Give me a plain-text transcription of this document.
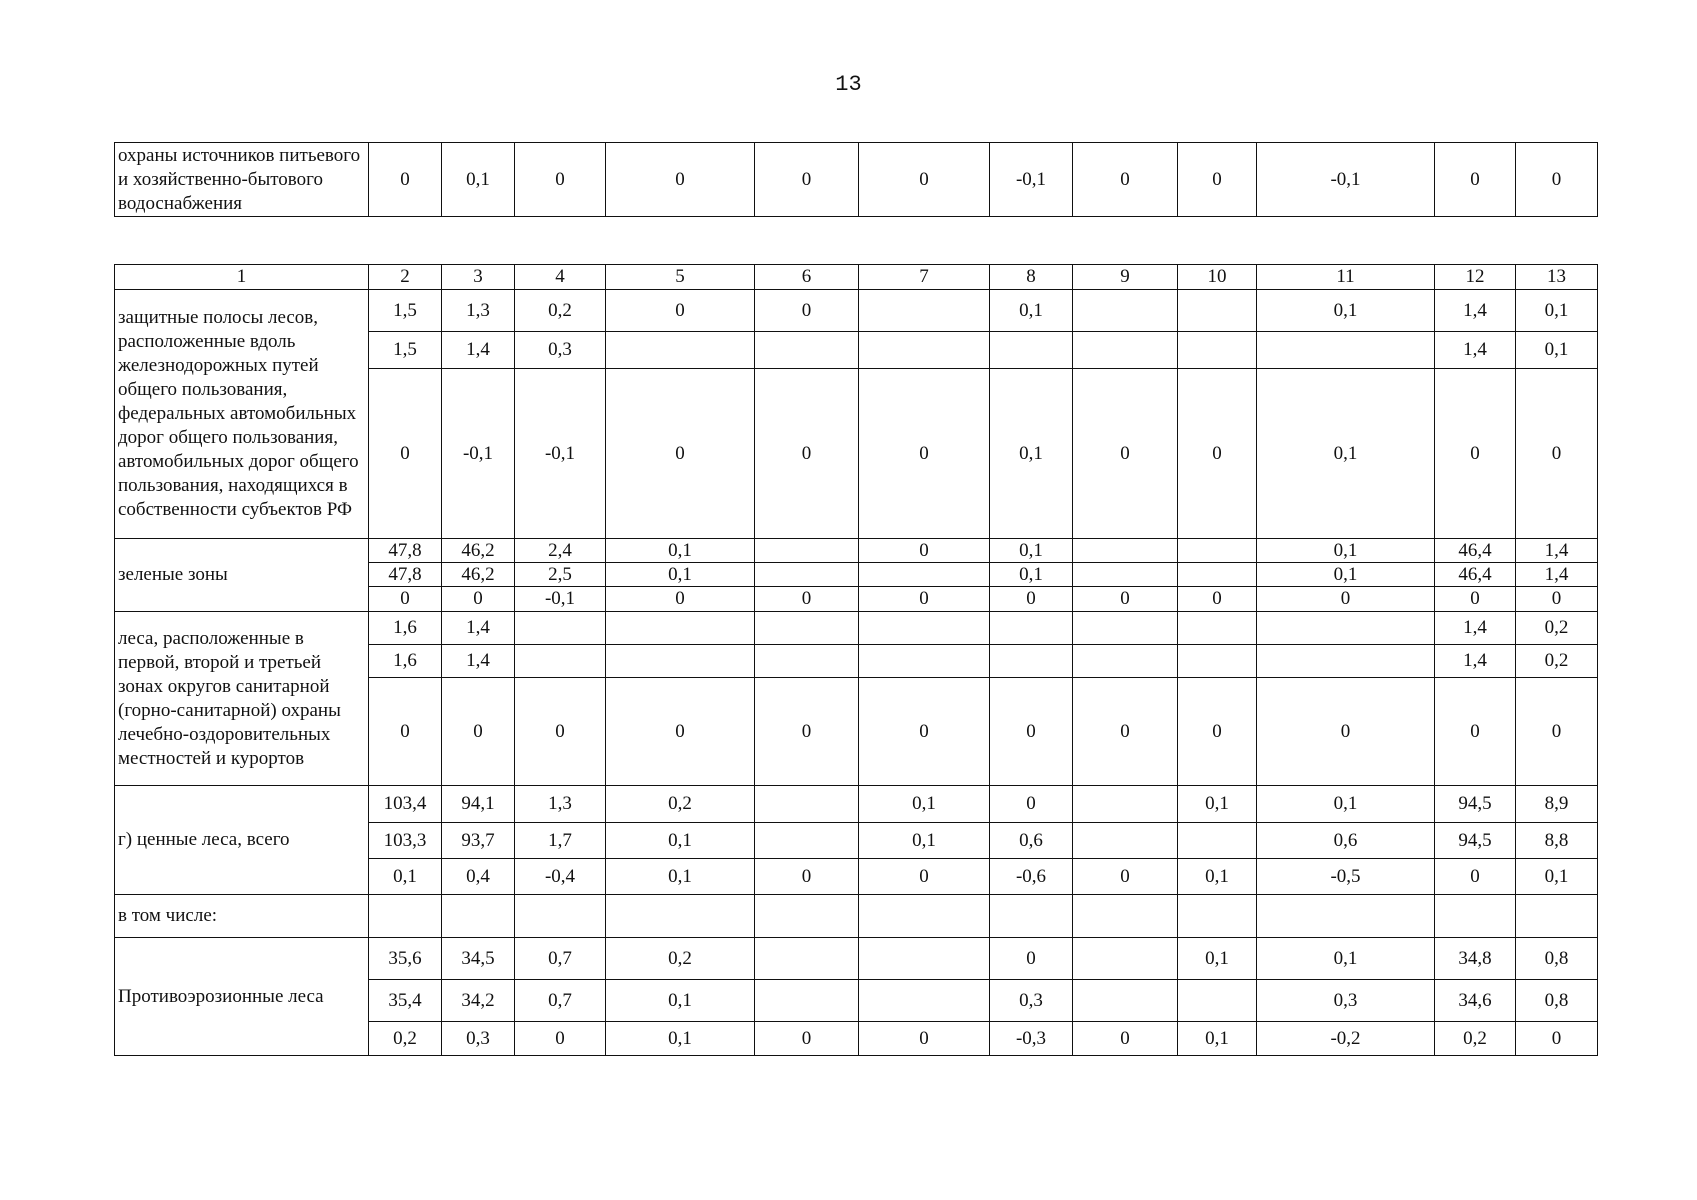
13
охраны источников питьевого и хозяйственно-бытового водоснабжения	0	0,1	0	0	0	0	-0,1	0	0	-0,1	0	0
1	2	3	4	5	6	7	8	9	10	11	12	13
защитные полосы лесов, расположенные вдоль железнодорожных путей общего пользования, федеральных автомобильных дорог общего пользования, автомобильных дорог общего пользования, находящихся в собственности субъектов РФ	1,5	1,3	0,2	0	0		0,1			0,1	1,4	0,1
	1,5	1,4	0,3								1,4	0,1
	0	-0,1	-0,1	0	0	0	0,1	0	0	0,1	0	0
зеленые зоны	47,8	46,2	2,4	0,1		0	0,1			0,1	46,4	1,4
	47,8	46,2	2,5	0,1			0,1			0,1	46,4	1,4
	0	0	-0,1	0	0	0	0	0	0	0	0	0
леса, расположенные в первой, второй и третьей зонах округов санитарной (горно-санитарной) охраны лечебно-оздоровительных местностей и курортов	1,6	1,4									1,4	0,2
	1,6	1,4									1,4	0,2
	0	0	0	0	0	0	0	0	0	0	0	0
г) ценные леса, всего	103,4	94,1	1,3	0,2		0,1	0		0,1	0,1	94,5	8,9
	103,3	93,7	1,7	0,1		0,1	0,6			0,6	94,5	8,8
	0,1	0,4	-0,4	0,1	0	0	-0,6	0	0,1	-0,5	0	0,1
в том числе:												
Противоэрозионные леса	35,6	34,5	0,7	0,2			0		0,1	0,1	34,8	0,8
	35,4	34,2	0,7	0,1			0,3			0,3	34,6	0,8
	0,2	0,3	0	0,1	0	0	-0,3	0	0,1	-0,2	0,2	0
